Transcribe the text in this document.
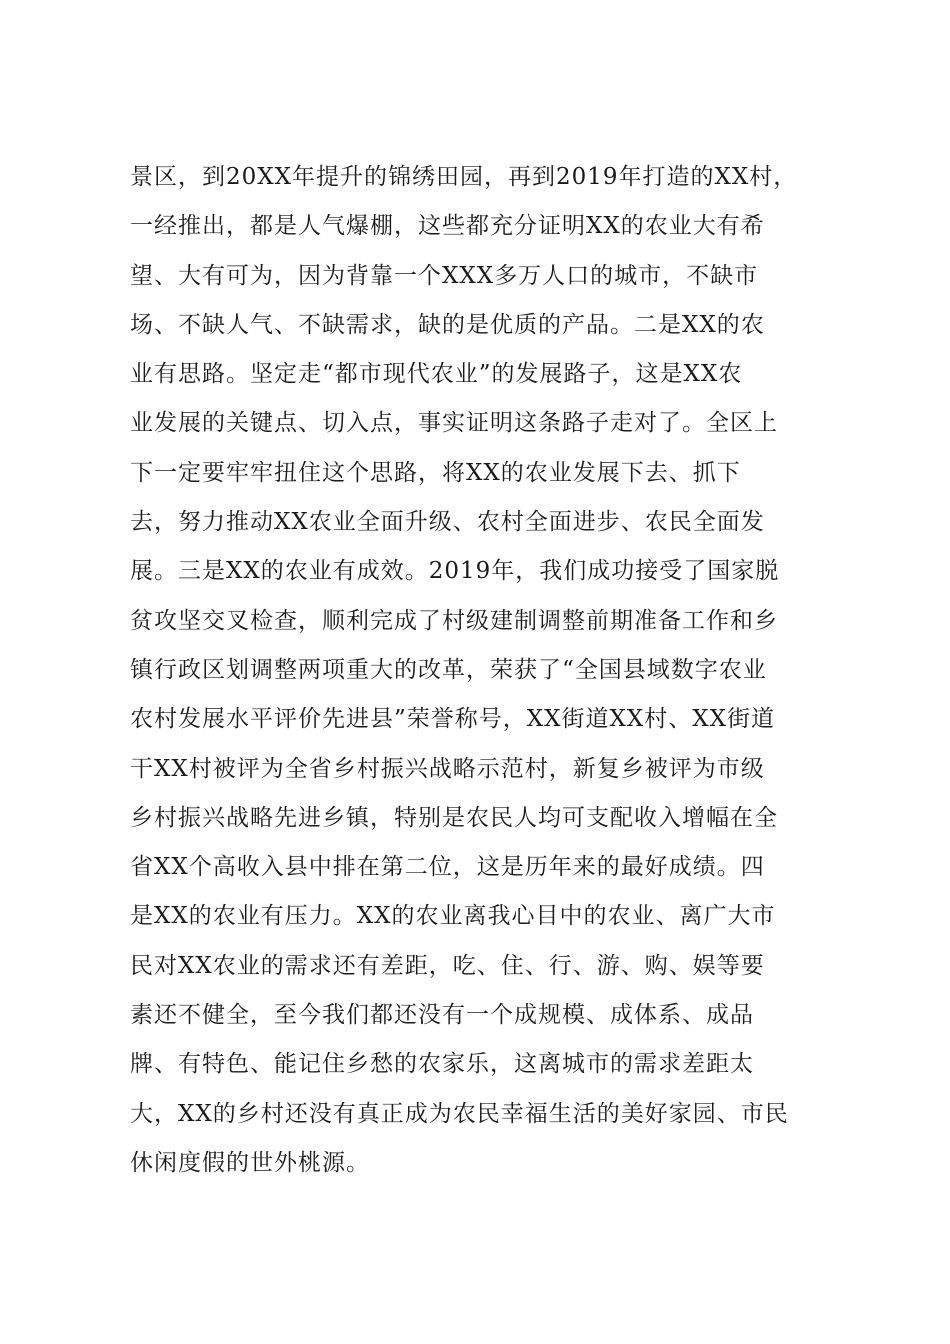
景区，到20XX年提升的锦绣田园，再到2019年打造的XX村，
一经推出，都是人气爆棚，这些都充分证明XX的农业大有希
望、大有可为，因为背靠一个XXX多万人口的城市，不缺市
场、不缺人气、不缺需求，缺的是优质的产品。二是XX的农
业有思路。坚定走“都市现代农业”的发展路子，这是XX农
业发展的关键点、切入点，事实证明这条路子走对了。全区上
下一定要牢牢扭住这个思路，将XX的农业发展下去、抓下
去，努力推动XX农业全面升级、农村全面进步、农民全面发
展。三是XX的农业有成效。2019年，我们成功接受了国家脱
贫攻坚交叉检查，顺利完成了村级建制调整前期准备工作和乡
镇行政区划调整两项重大的改革，荣获了“全国县域数字农业
农村发展水平评价先进县”荣誉称号，XX街道XX村、XX街道
干XX村被评为全省乡村振兴战略示范村，新复乡被评为市级
乡村振兴战略先进乡镇，特别是农民人均可支配收入增幅在全
省XX个高收入县中排在第二位，这是历年来的最好成绩。四
是XX的农业有压力。XX的农业离我心目中的农业、离广大市
民对XX农业的需求还有差距，吃、住、行、游、购、娱等要
素还不健全，至今我们都还没有一个成规模、成体系、成品
牌、有特色、能记住乡愁的农家乐，这离城市的需求差距太
大，XX的乡村还没有真正成为农民幸福生活的美好家园、市民
休闲度假的世外桃源。
